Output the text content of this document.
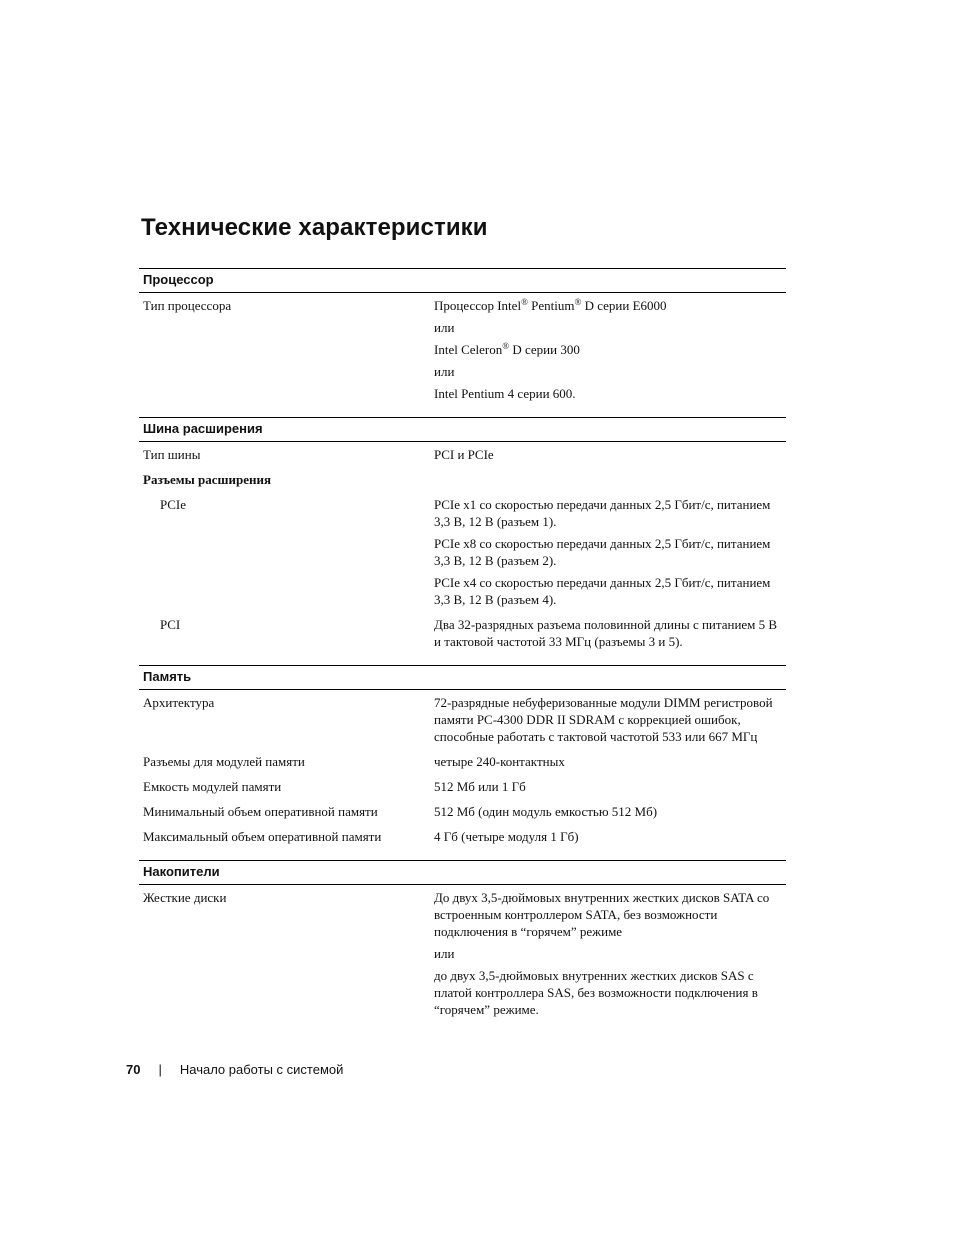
Технические характеристики
Процессор
Тип процессора	Процессор Intel® Pentium® D серии E6000

или

Intel Celeron® D серии 300

или

Intel Pentium 4 серии 600.

Шина расширения
Тип шины	PCI и PCIe
Разъемы расширения
PCIe	PCIe x1 со скоростью передачи данных 2,5 Гбит/с, питанием 3,3 В, 12 В (разъем 1).

PCIe x8 со скоростью передачи данных 2,5 Гбит/с, питанием 3,3 В, 12 В (разъем 2).

PCIe x4 со скоростью передачи данных 2,5 Гбит/с, питанием 3,3 В, 12 В (разъем 4).

PCI	Два 32-разрядных разъема половинной длины с питанием 5 В и тактовой частотой 33 МГц (разъемы 3 и 5).
Память
Архитектура	72-разрядные небуферизованные модули DIMM регистровой памяти PC-4300 DDR II SDRAM с коррекцией ошибок, способные работать с тактовой частотой 533 или 667 МГц
Разъемы для модулей памяти	четыре 240-контактных
Емкость модулей памяти	512 Мб или 1 Гб
Минимальный объем оперативной памяти	512 Мб (один модуль емкостью 512 Мб)
Максимальный объем оперативной памяти	4 Гб (четыре модуля 1 Гб)
Накопители
Жесткие диски	До двух 3,5-дюймовых внутренних жестких дисков SATA со встроенным контроллером SATA, без возможности подключения в “горячем” режиме

или

до двух 3,5-дюймовых внутренних жестких дисков SAS с платой контроллера SAS, без возможности подключения в “горячем” режиме.

70 | Начало работы с системой
